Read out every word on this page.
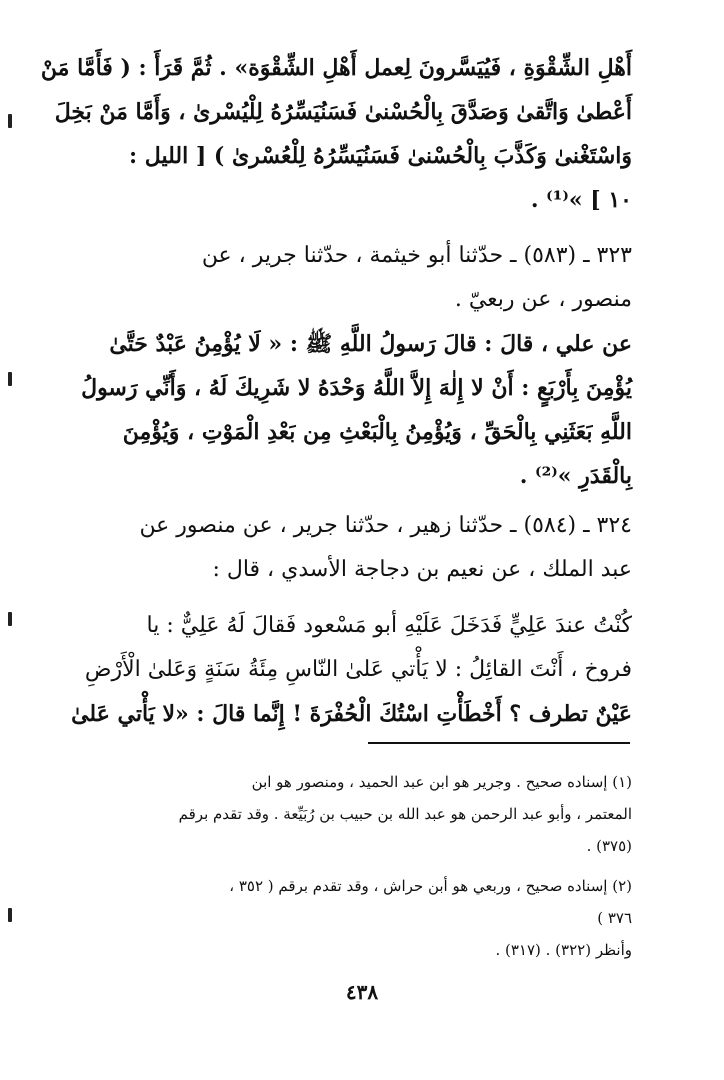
أَهْلِ الشِّقْوَةِ ، فَيُيَسَّرونَ لِعمل أَهْلِ الشِّقْوَة» . ثُمَّ قَرَأَ : ( فَأَمَّا مَنْ
أَعْطىٰ وَاتَّقىٰ وَصَدَّقَ بِالْحُسْنىٰ فَسَنُيَسِّرُهُ لِلْيُسْرىٰ ، وَأَمَّا مَنْ بَخِلَ
وَاسْتَغْنىٰ وَكَذَّبَ بِالْحُسْنىٰ فَسَنُيَسِّرُهُ لِلْعُسْرىٰ ) [ الليل :
١٠ ] »⁽¹⁾ .
٣٢٣ ـ (٥٨٣) ـ حدّثنا أبو خيثمة ، حدّثنا جرير ، عن
منصور ، عن ربعيّ .
عن علي ، قالَ : قالَ رَسولُ اللَّهِ ﷺ : « لَا يُؤْمِنُ عَبْدٌ حَتَّىٰ
يُؤْمِنَ بِأَرْبَعٍ : أَنْ لا إِلٰهَ إِلاَّ اللَّهُ وَحْدَهُ لا شَرِيكَ لَهُ ، وَأَنِّي رَسولُ
اللَّهِ بَعَثَنِي بِالْحَقِّ ، وَيُؤْمِنُ بِالْبَعْثِ مِن بَعْدِ الْمَوْتِ ، وَيُؤْمِنَ
بِالْقَدَرِ »⁽²⁾ .
٣٢٤ ـ (٥٨٤) ـ حدّثنا زهير ، حدّثنا جرير ، عن منصور عن
عبد الملك ، عن نعيم بن دجاجة الأسدي ، قال :
كُنْتُ عندَ عَلِيٍّ فَدَخَلَ عَلَيْهِ أبو مَسْعود فَقالَ لَهُ عَلِيٌّ : يا
فروخ ، أَنْتَ القائِلُ : لا يَأْتي عَلىٰ النّاسِ مِئَةُ سَنَةٍ وَعَلىٰ الْأَرْضِ
عَيْنٌ تطرف ؟ أَخْطَأْتِ اسْتُكَ الْحُفْرَةَ ! إِنَّما قالَ : «لا يَأْتي عَلىٰ
(١) إسناده صحيح . وجرير هو ابن عبد الحميد ، ومنصور هو ابن
المعتمر ، وأبو عبد الرحمن هو عبد الله بن حبيب بن رُبَيِّعة . وقد تقدم برقم
(٣٧٥) .
(٢) إسناده صحيح ، وربعي هو أبن حراش ، وقد تقدم برقم ( ٣٥٢ ،
٣٧٦ )
وأنظر (٣٢٢) . (٣١٧) .
٤٣٨
